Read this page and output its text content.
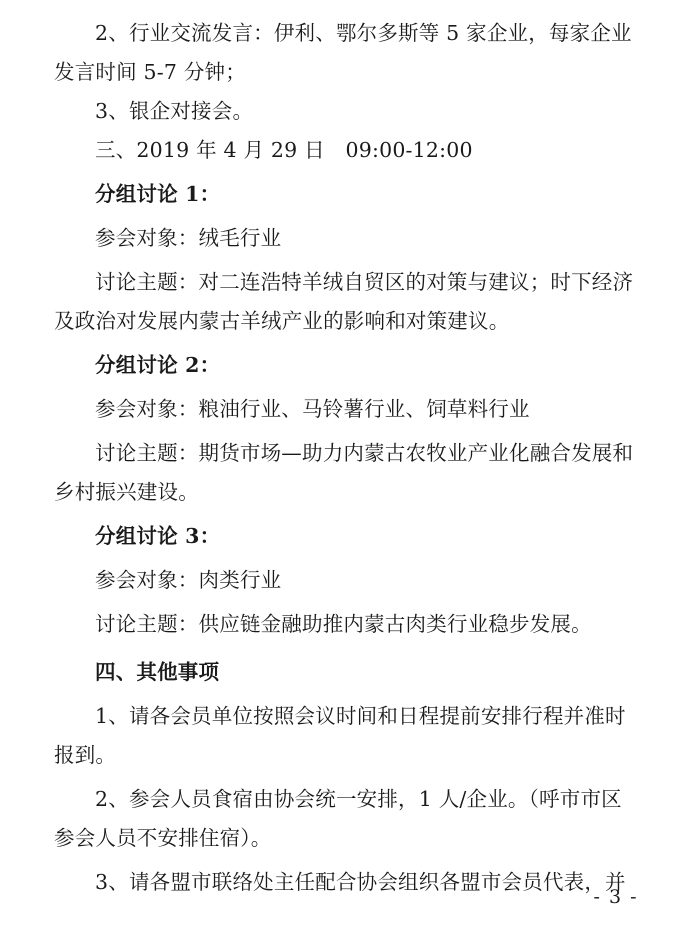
2、行业交流发言：伊利、鄂尔多斯等 5 家企业，每家企业发言时间 5-7 分钟；

3、银企对接会。

三、2019 年 4 月 29 日　09:00-12:00

分组讨论 1：

参会对象：绒毛行业

讨论主题：对二连浩特羊绒自贸区的对策与建议；时下经济及政治对发展内蒙古羊绒产业的影响和对策建议。

分组讨论 2：

参会对象：粮油行业、马铃薯行业、饲草料行业

讨论主题：期货市场—助力内蒙古农牧业产业化融合发展和乡村振兴建设。

分组讨论 3：

参会对象：肉类行业

讨论主题：供应链金融助推内蒙古肉类行业稳步发展。

四、其他事项

1、请各会员单位按照会议时间和日程提前安排行程并准时报到。

2、参会人员食宿由协会统一安排，1 人/企业。（呼市市区参会人员不安排住宿）。

3、请各盟市联络处主任配合协会组织各盟市会员代表，并

- 3 -
